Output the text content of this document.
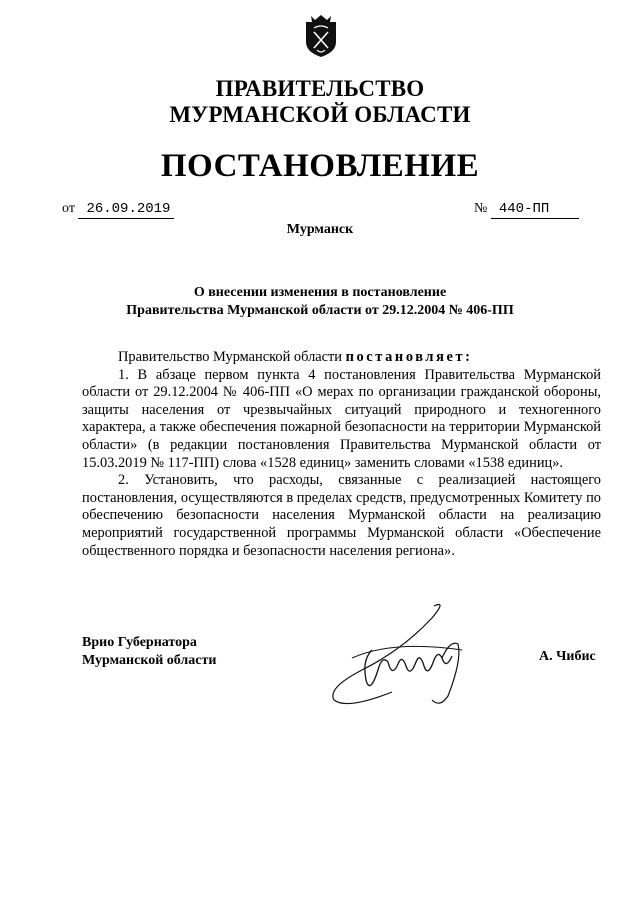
ПРАВИТЕЛЬСТВО
МУРМАНСКОЙ ОБЛАСТИ
ПОСТАНОВЛЕНИЕ
от 26.09.2019	№ 440-ПП
Мурманск
О внесении изменения в постановление
Правительства Мурманской области от 29.12.2004 № 406-ПП

Правительство Мурманской области постановляет:

1. В абзаце первом пункта 4 постановления Правительства Мурманской области от 29.12.2004 № 406-ПП «О мерах по организации гражданской обороны, защиты населения от чрезвычайных ситуаций природного и техногенного характера, а также обеспечения пожарной безопасности на территории Мурманской области» (в редакции постановления Правительства Мурманской области от 15.03.2019 № 117-ПП) слова «1528 единиц» заменить словами «1538 единиц».

2. Установить, что расходы, связанные с реализацией настоящего постановления, осуществляются в пределах средств, предусмотренных Комитету по обеспечению безопасности населения Мурманской области на реализацию мероприятий государственной программы Мурманской области «Обеспечение общественного порядка и безопасности населения региона».

Врио Губернатора
Мурманской области	А. Чибис
